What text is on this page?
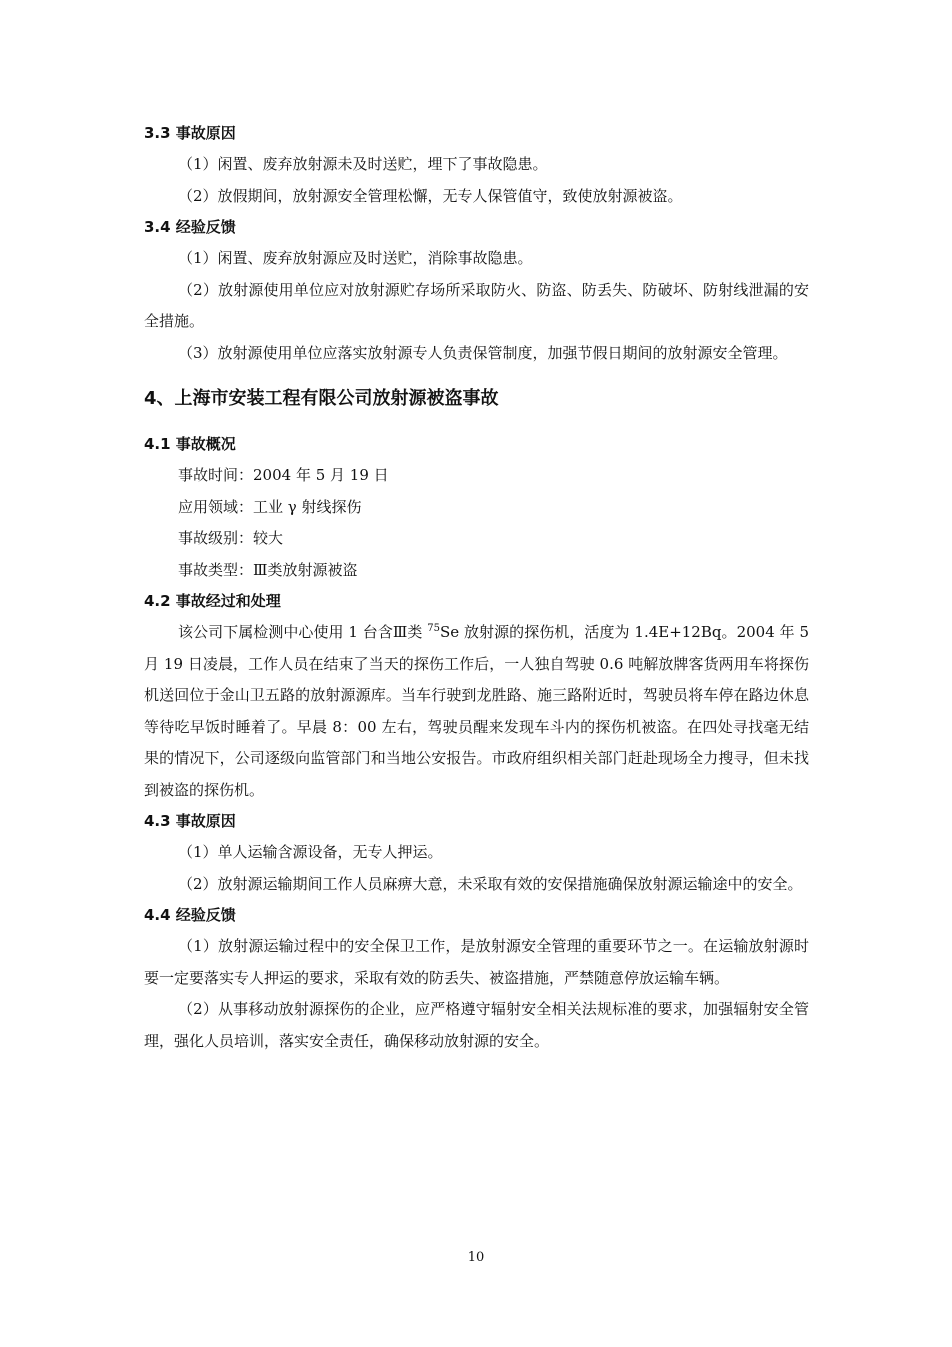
3.3 事故原因

（1）闲置、废弃放射源未及时送贮，埋下了事故隐患。

（2）放假期间，放射源安全管理松懈，无专人保管值守，致使放射源被盗。

3.4 经验反馈

（1）闲置、废弃放射源应及时送贮，消除事故隐患。

（2）放射源使用单位应对放射源贮存场所采取防火、防盗、防丢失、防破坏、防射线泄漏的安全措施。

（3）放射源使用单位应落实放射源专人负责保管制度，加强节假日期间的放射源安全管理。

4、上海市安装工程有限公司放射源被盗事故
4.1 事故概况

事故时间：2004 年 5 月 19 日

应用领域：工业 γ 射线探伤

事故级别：较大

事故类型：Ⅲ类放射源被盗

4.2 事故经过和处理

该公司下属检测中心使用 1 台含Ⅲ类 $^{75}$Se 放射源的探伤机，活度为 1.4E+12Bq。2004 年 5 月 19 日凌晨，工作人员在结束了当天的探伤工作后，一人独自驾驶 0.6 吨解放牌客货两用车将探伤机送回位于金山卫五路的放射源源库。当车行驶到龙胜路、施三路附近时，驾驶员将车停在路边休息等待吃早饭时睡着了。早晨 8：00 左右，驾驶员醒来发现车斗内的探伤机被盗。在四处寻找毫无结果的情况下，公司逐级向监管部门和当地公安报告。市政府组织相关部门赶赴现场全力搜寻，但未找到被盗的探伤机。

4.3 事故原因

（1）单人运输含源设备，无专人押运。

（2）放射源运输期间工作人员麻痹大意，未采取有效的安保措施确保放射源运输途中的安全。

4.4 经验反馈

（1）放射源运输过程中的安全保卫工作，是放射源安全管理的重要环节之一。在运输放射源时要一定要落实专人押运的要求，采取有效的防丢失、被盗措施，严禁随意停放运输车辆。

（2）从事移动放射源探伤的企业，应严格遵守辐射安全相关法规标准的要求，加强辐射安全管理，强化人员培训，落实安全责任，确保移动放射源的安全。

10
